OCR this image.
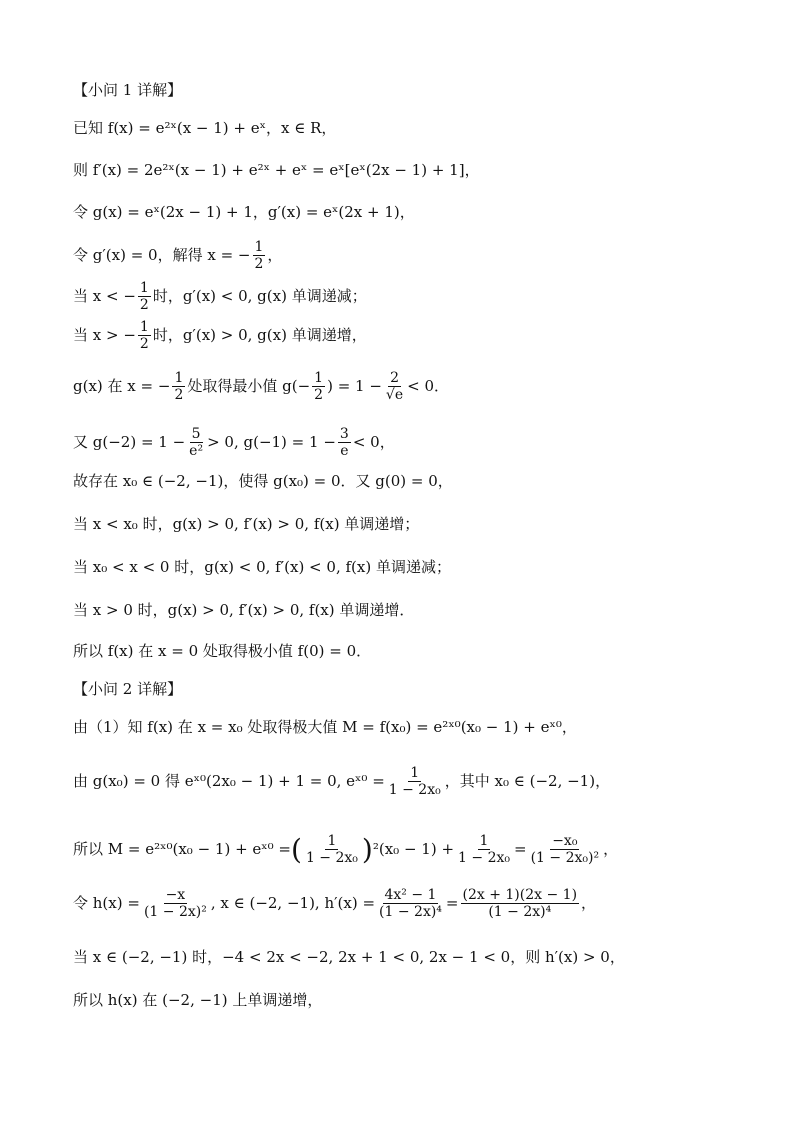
【小问 1 详解】
已知 f(x) = e²ˣ(x − 1) + eˣ，x ∈ R，
则 f′(x) = 2e²ˣ(x − 1) + e²ˣ + eˣ = eˣ[eˣ(2x − 1) + 1]，
令 g(x) = eˣ(2x − 1) + 1，g′(x) = eˣ(2x + 1)，
令 g′(x) = 0，解得 x = − $\frac{1}{2}$ ，
当 x < − $\frac{1}{2}$ 时，g′(x) < 0, g(x) 单调递减；
当 x > − $\frac{1}{2}$ 时，g′(x) > 0, g(x) 单调递增，
g(x) 在 x = − $\frac{1}{2}$ 处取得最小值 $g(- \frac{1}{2}$ ) = $1 - \frac{2}{√e} < 0$．
又 $g(-2) = 1 - \frac{5}{\text{e²}} > 0$, $g(-1) = 1 - \frac{3}{e} < 0$，
故存在 x₀ ∈ (−2, −1)，使得 g(x₀) = 0．又 g(0) = 0，
当 x < x₀ 时，g(x) > 0, f′(x) > 0, f(x) 单调递增；
当 x₀ < x < 0 时，g(x) < 0, f′(x) < 0, f(x) 单调递减；
当 x > 0 时，g(x) > 0, f′(x) > 0, f(x) 单调递增．
所以 f(x) 在 x = 0 处取得极小值 f(0) = 0．
【小问 2 详解】
由（1）知 f(x) 在 x = x₀ 处取得极大值 M = f(x₀) = e²ˣ⁰(x₀ − 1) + eˣ⁰，
由 g(x₀) = 0 得 eˣ⁰(2x₀ − 1) + 1 = 0, eˣ⁰ = $\frac{1}{\text{1 − 2x₀}}$ ，其中 x₀ ∈ (−2, −1)，
所以 M = e²ˣ⁰(x₀ − 1) + eˣ⁰ = ( $\frac{1}{\text{1 − 2x₀}}$ ) $^2(x_0 - 1) + \frac{1}{\text{1 − 2x₀}} = \frac{\text{−x₀}}{\text{(1 − 2x₀)²}}$ ，
令 $h(x) = \frac{-x}{\text{(1 − 2x)²}}$ , x ∈ (−2, −1), $h'(x) = \frac{\text{4x² − 1}}{\text{(1 − 2x)⁴}} = \frac{(2x + 1)(2x - 1)}{\text{(1 − 2x)⁴}}$ ，
当 x ∈ (−2, −1) 时，−4 < 2x < −2, 2x + 1 < 0, 2x − 1 < 0，则 h′(x) > 0，
所以 h(x) 在 (−2, −1) 上单调递增，
